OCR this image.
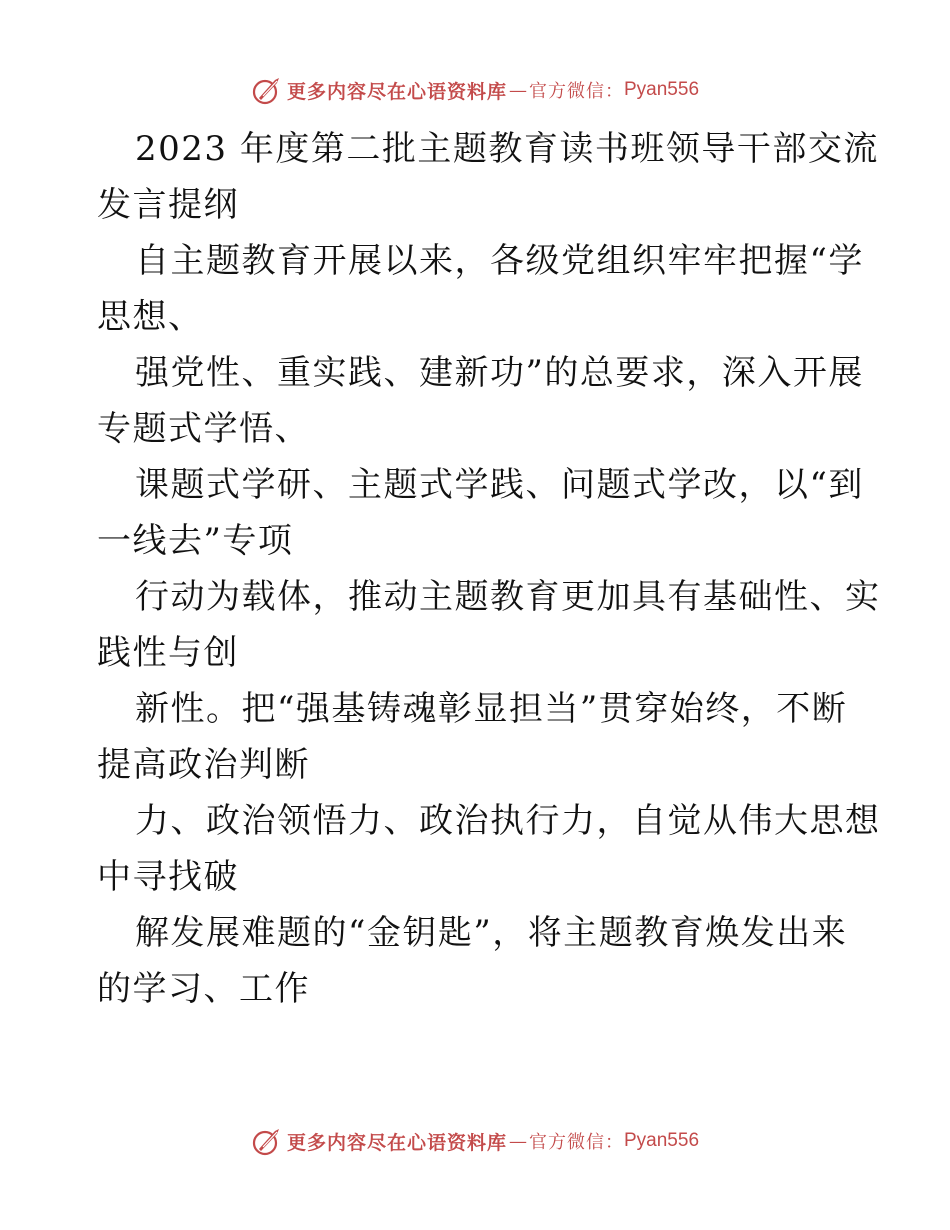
更多内容尽在心语资料库 — 官方微信： Pyan556
2023 年度第二批主题教育读书班领导干部交流
发言提纲
自主题教育开展以来，各级党组织牢牢把握“学
思想、
强党性、重实践、建新功”的总要求，深入开展
专题式学悟、
课题式学研、主题式学践、问题式学改，以“到
一线去”专项
行动为载体，推动主题教育更加具有基础性、实
践性与创
新性。把“强基铸魂彰显担当”贯穿始终，不断
提高政治判断
力、政治领悟力、政治执行力，自觉从伟大思想
中寻找破
解发展难题的“金钥匙”，将主题教育焕发出来
的学习、工作
更多内容尽在心语资料库 — 官方微信： Pyan556
